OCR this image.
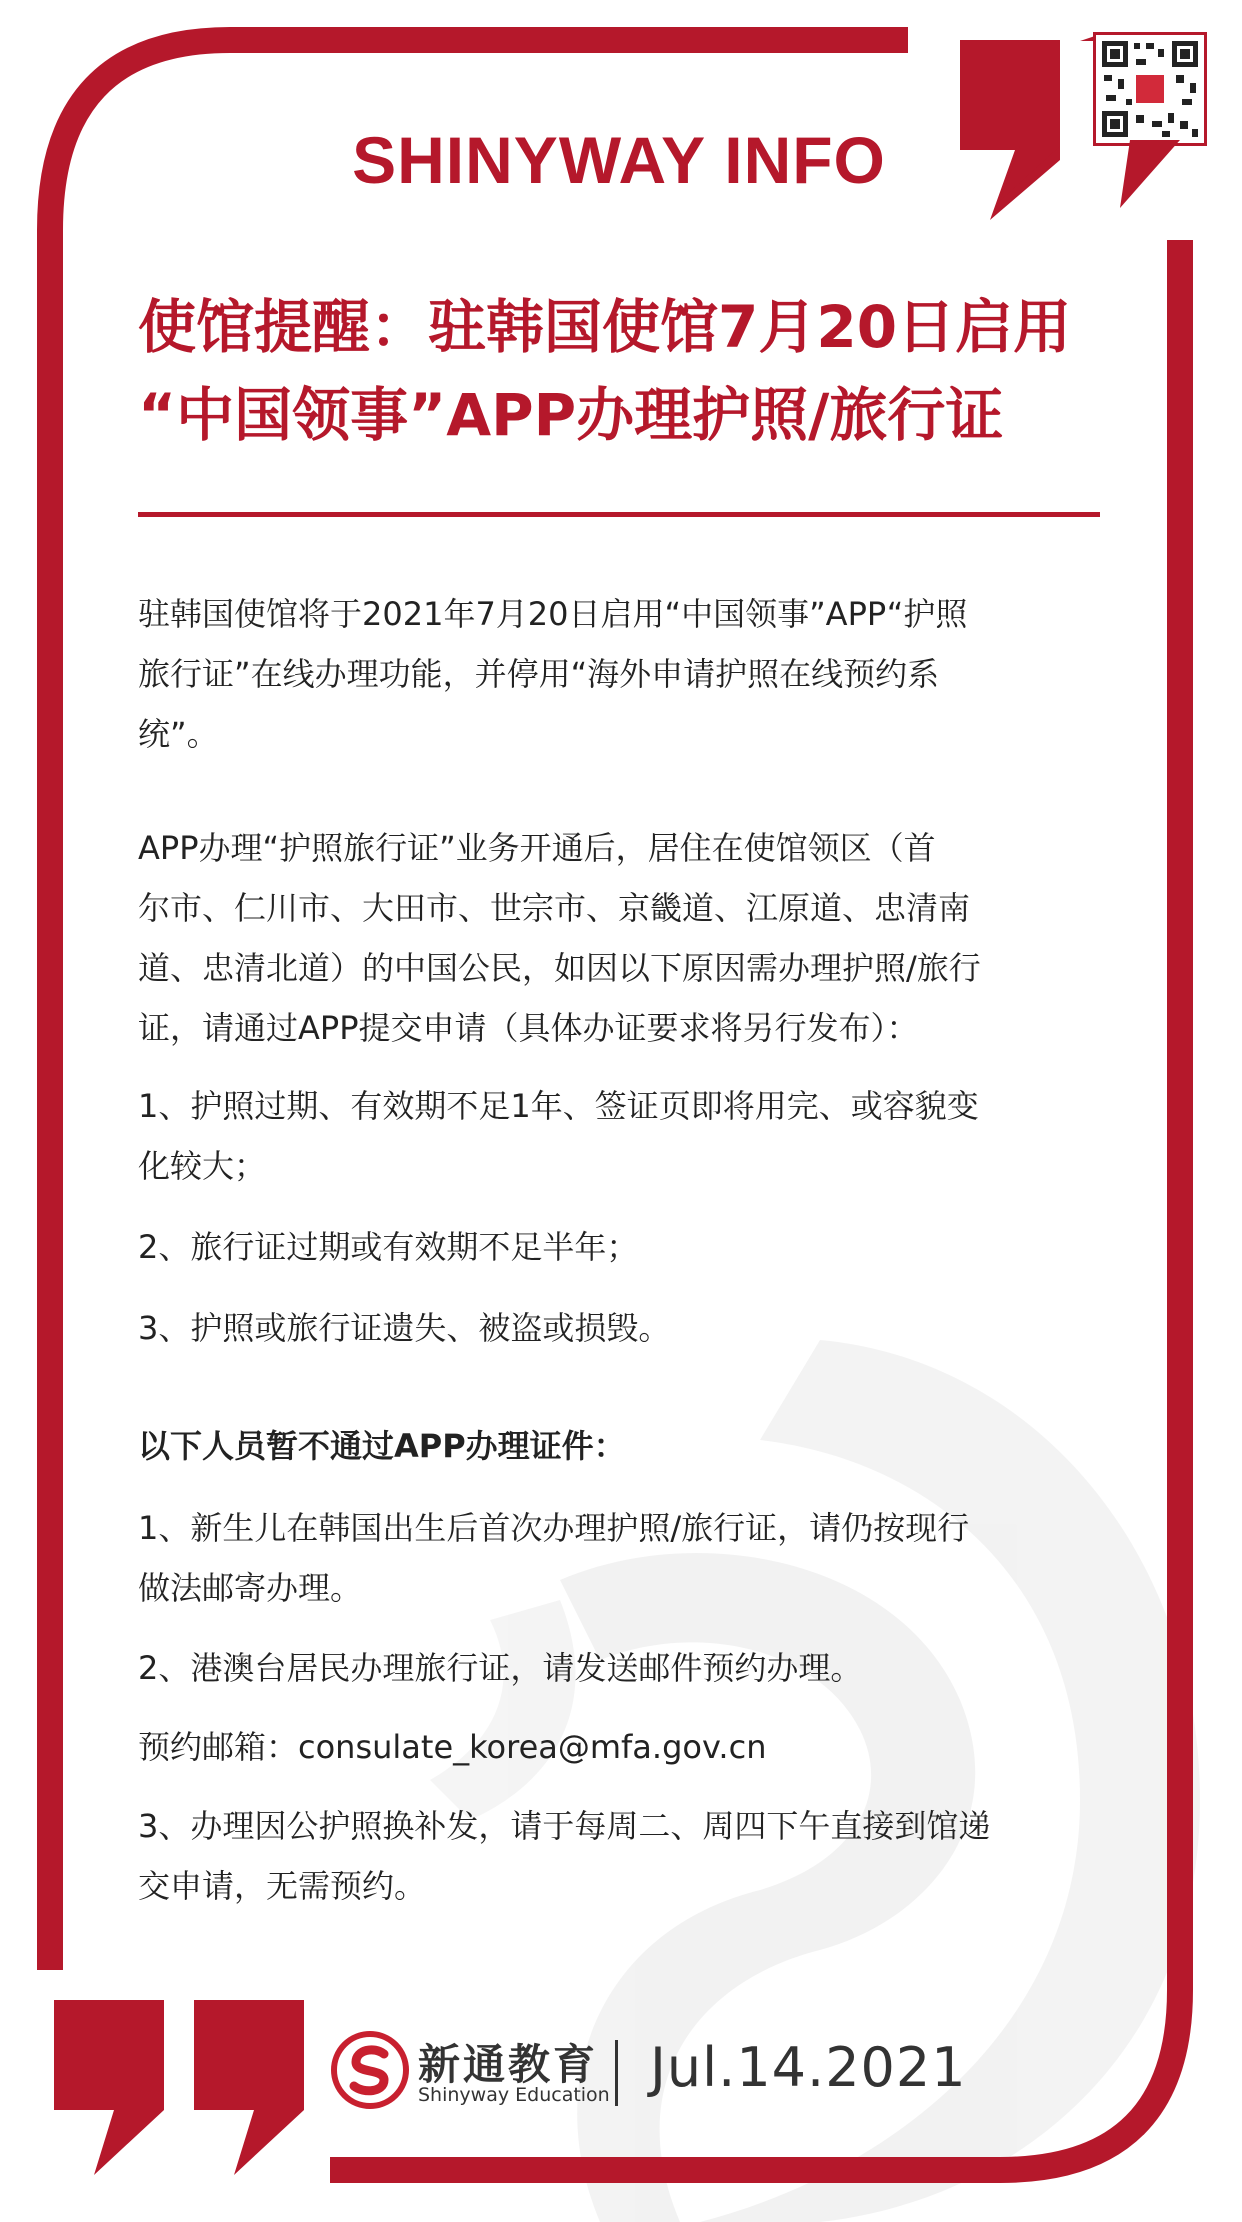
SHINYWAY INFO
使馆提醒：驻韩国使馆7月20日启用
“中国领事”APP办理护照/旅行证
驻韩国使馆将于2021年7月20日启用“中国领事”APP“护照
旅行证”在线办理功能，并停用“海外申请护照在线预约系
统”。
APP办理“护照旅行证”业务开通后，居住在使馆领区（首
尔市、仁川市、大田市、世宗市、京畿道、江原道、忠清南
道、忠清北道）的中国公民，如因以下原因需办理护照/旅行
证，请通过APP提交申请（具体办证要求将另行发布）：
1、护照过期、有效期不足1年、签证页即将用完、或容貌变
化较大；
2、旅行证过期或有效期不足半年；
3、护照或旅行证遗失、被盗或损毁。
以下人员暂不通过APP办理证件：
1、新生儿在韩国出生后首次办理护照/旅行证，请仍按现行
做法邮寄办理。
2、港澳台居民办理旅行证，请发送邮件预约办理。
预约邮箱：consulate_korea@mfa.gov.cn
3、办理因公护照换补发，请于每周二、周四下午直接到馆递
交申请，无需预约。
新通教育
Shinyway Education Jul.14.2021
